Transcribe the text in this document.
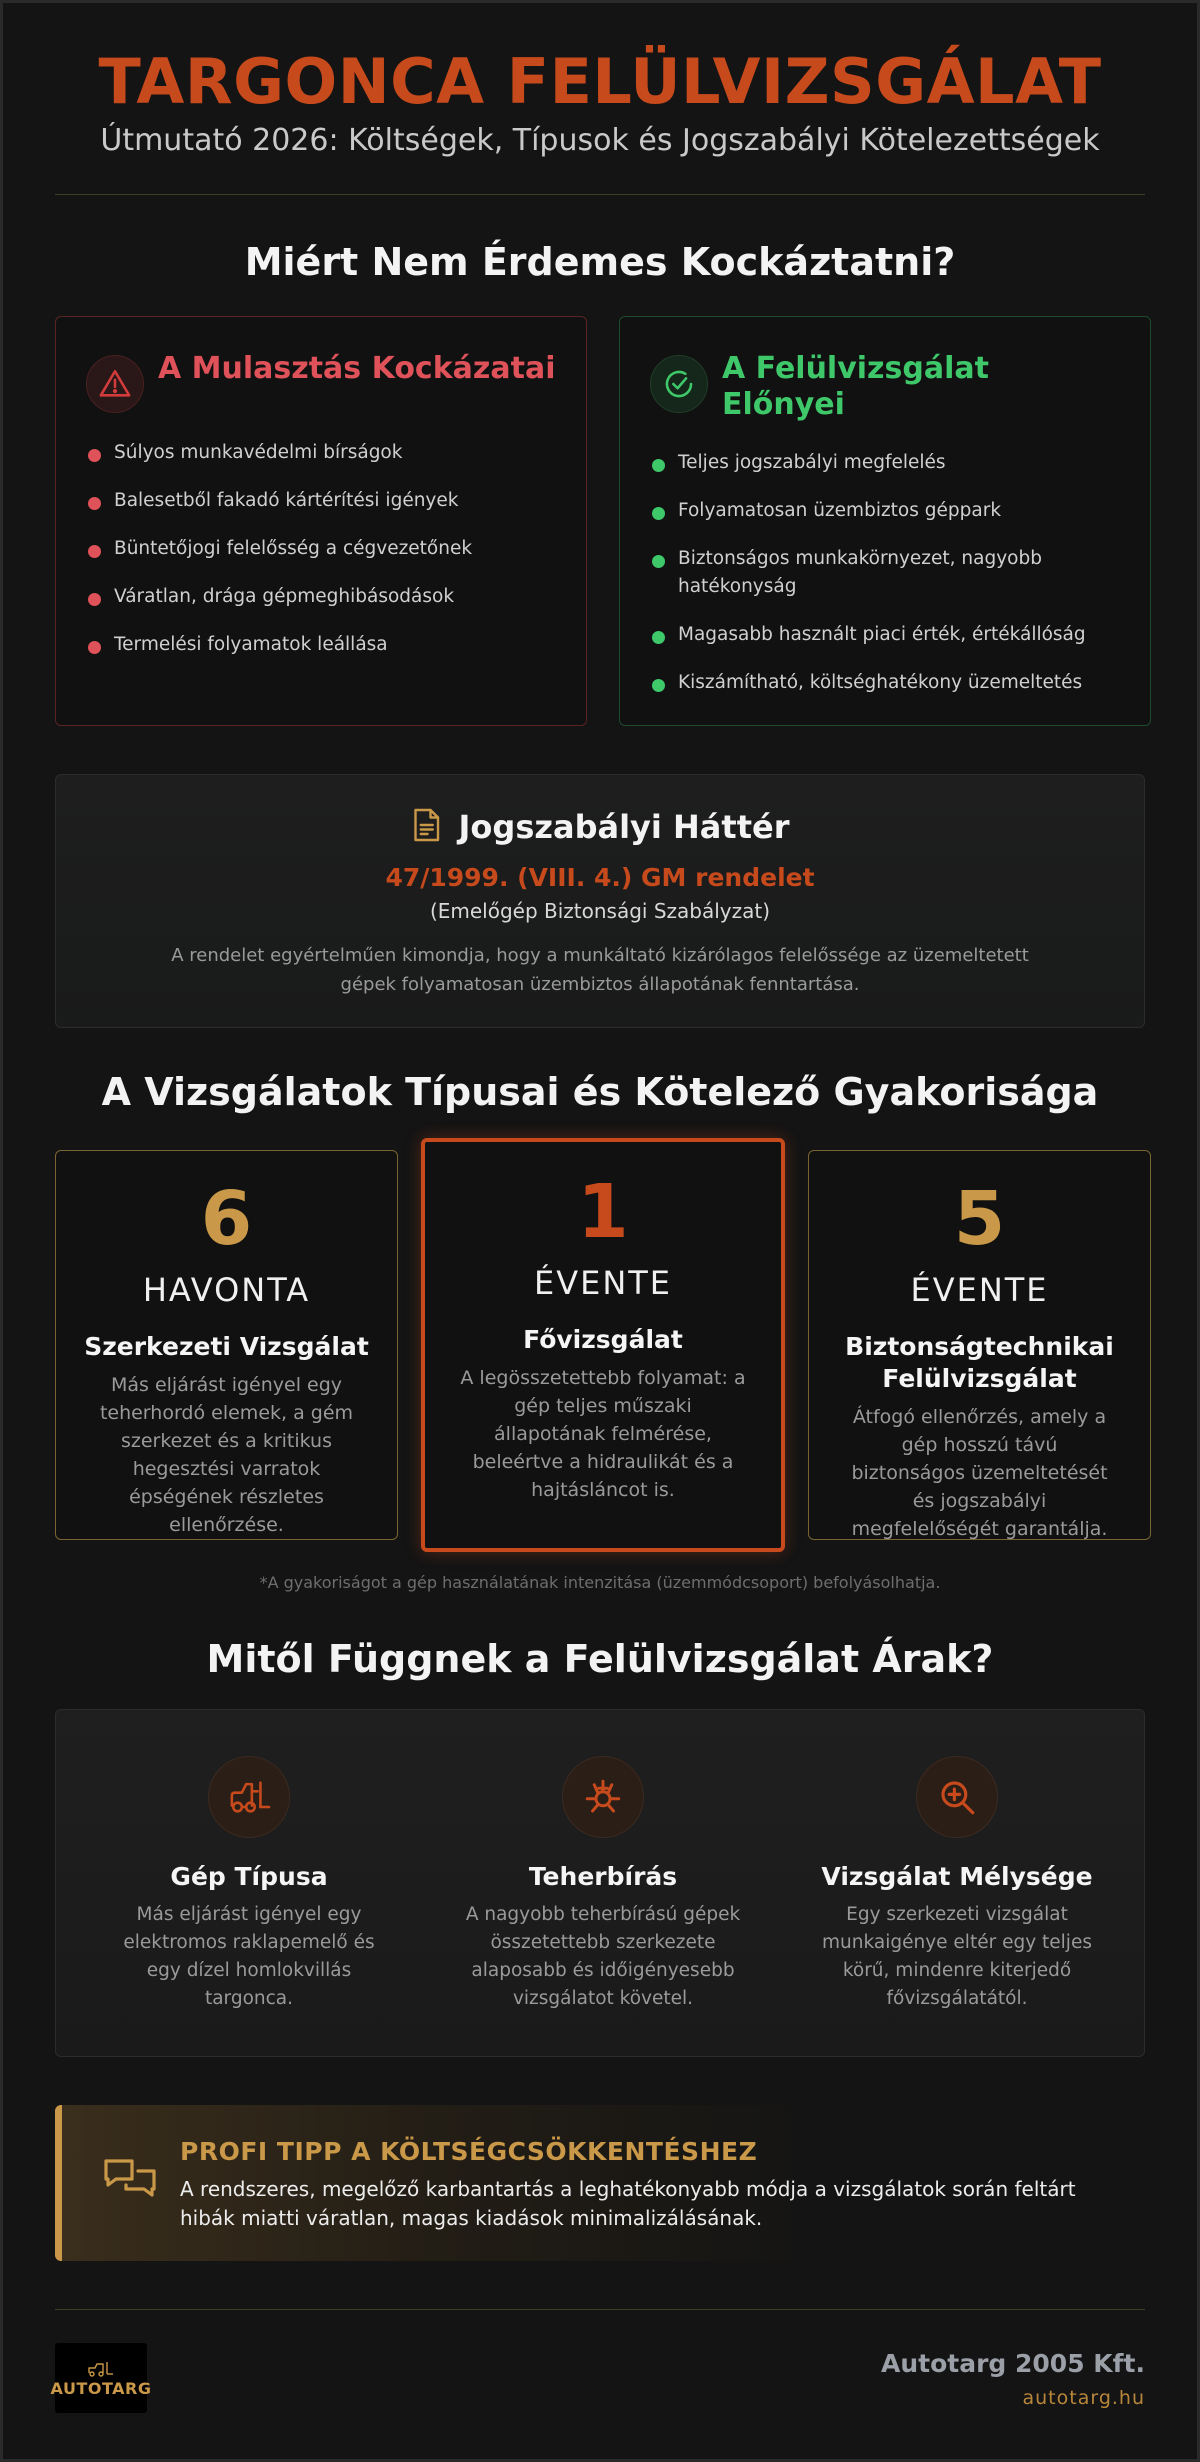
TARGONCA FELÜLVIZSGÁLAT
Útmutató 2026: Költségek, Típusok és Jogszabályi Kötelezettségek
Miért Nem Érdemes Kockáztatni?
A Mulasztás Kockázatai
Súlyos munkavédelmi bírságok
Balesetből fakadó kártérítési igények
Büntetőjogi felelősség a cégvezetőnek
Váratlan, drága gépmeghibásodások
Termelési folyamatok leállása
A Felülvizsgálat Előnyei
Teljes jogszabályi megfelelés
Folyamatosan üzembiztos géppark
Biztonságos munkakörnyezet, nagyobb hatékonyság
Magasabb használt piaci érték, értékállóság
Kiszámítható, költséghatékony üzemeltetés
Jogszabályi Háttér
47/1999. (VIII. 4.) GM rendelet
(Emelőgép Biztonsági Szabályzat)
A rendelet egyértelműen kimondja, hogy a munkáltató kizárólagos felelőssége az üzemeltetett gépek folyamatosan üzembiztos állapotának fenntartása.
A Vizsgálatok Típusai és Kötelező Gyakorisága
6
HAVONTA
Szerkezeti Vizsgálat
Más eljárást igényel egy teherhordó elemek, a gém szerkezet és a kritikus hegesztési varratok épségének részletes ellenőrzése.
1
ÉVENTE
Fővizsgálat
A legösszetettebb folyamat: a gép teljes műszaki állapotának felmérése, beleértve a hidraulikát és a hajtásláncot is.
5
ÉVENTE
Biztonságtechnikai Felülvizsgálat
Átfogó ellenőrzés, amely a gép hosszú távú biztonságos üzemeltetését és jogszabályi megfelelőségét garantálja.
*A gyakoriságot a gép használatának intenzitása (üzemmódcsoport) befolyásolhatja.
Mitől Függnek a Felülvizsgálat Árak?
Gép Típusa
Más eljárást igényel egy elektromos raklapemelő és egy dízel homlokvillás targonca.
Teherbírás
A nagyobb teherbírású gépek összetettebb szerkezete alaposabb és időigényesebb vizsgálatot követel.
Vizsgálat Mélysége
Egy szerkezeti vizsgálat munkaigénye eltér egy teljes körű, mindenre kiterjedő fővizsgálatától.
PROFI TIPP A KÖLTSÉGCSÖKKENTÉSHEZ
A rendszeres, megelőző karbantartás a leghatékonyabb módja a vizsgálatok során feltárt hibák miatti váratlan, magas kiadások minimalizálásának.
AUTOTARG
Autotarg 2005 Kft.
autotarg.hu
